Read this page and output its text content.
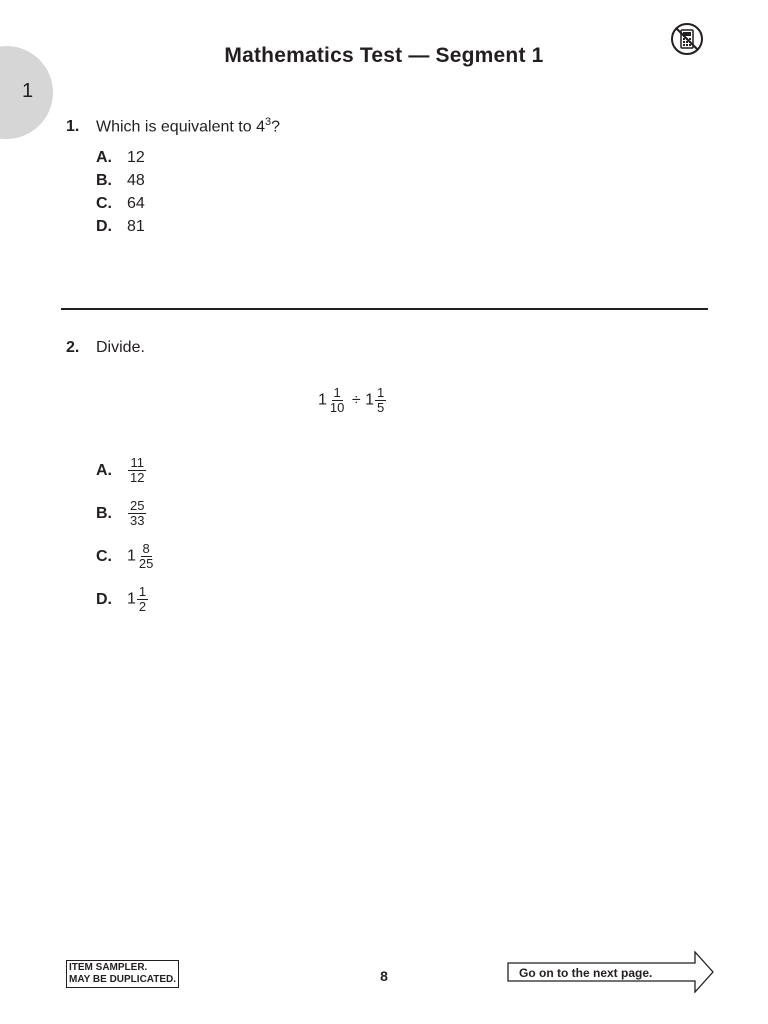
1
Mathematics Test — Segment 1
1. Which is equivalent to $4^3$?
A. 12
B. 48
C. 64
D. 81
2. Divide.
$1 \frac{1}{10} \div 1 \frac{1}{5}$
A. $\frac{11}{12}$
B. $\frac{25}{33}$
C. $1 \frac{8}{25}$
D. $1 \frac{1}{2}$
ITEM SAMPLER.
MAY BE DUPLICATED.	8	Go on to the next page.
